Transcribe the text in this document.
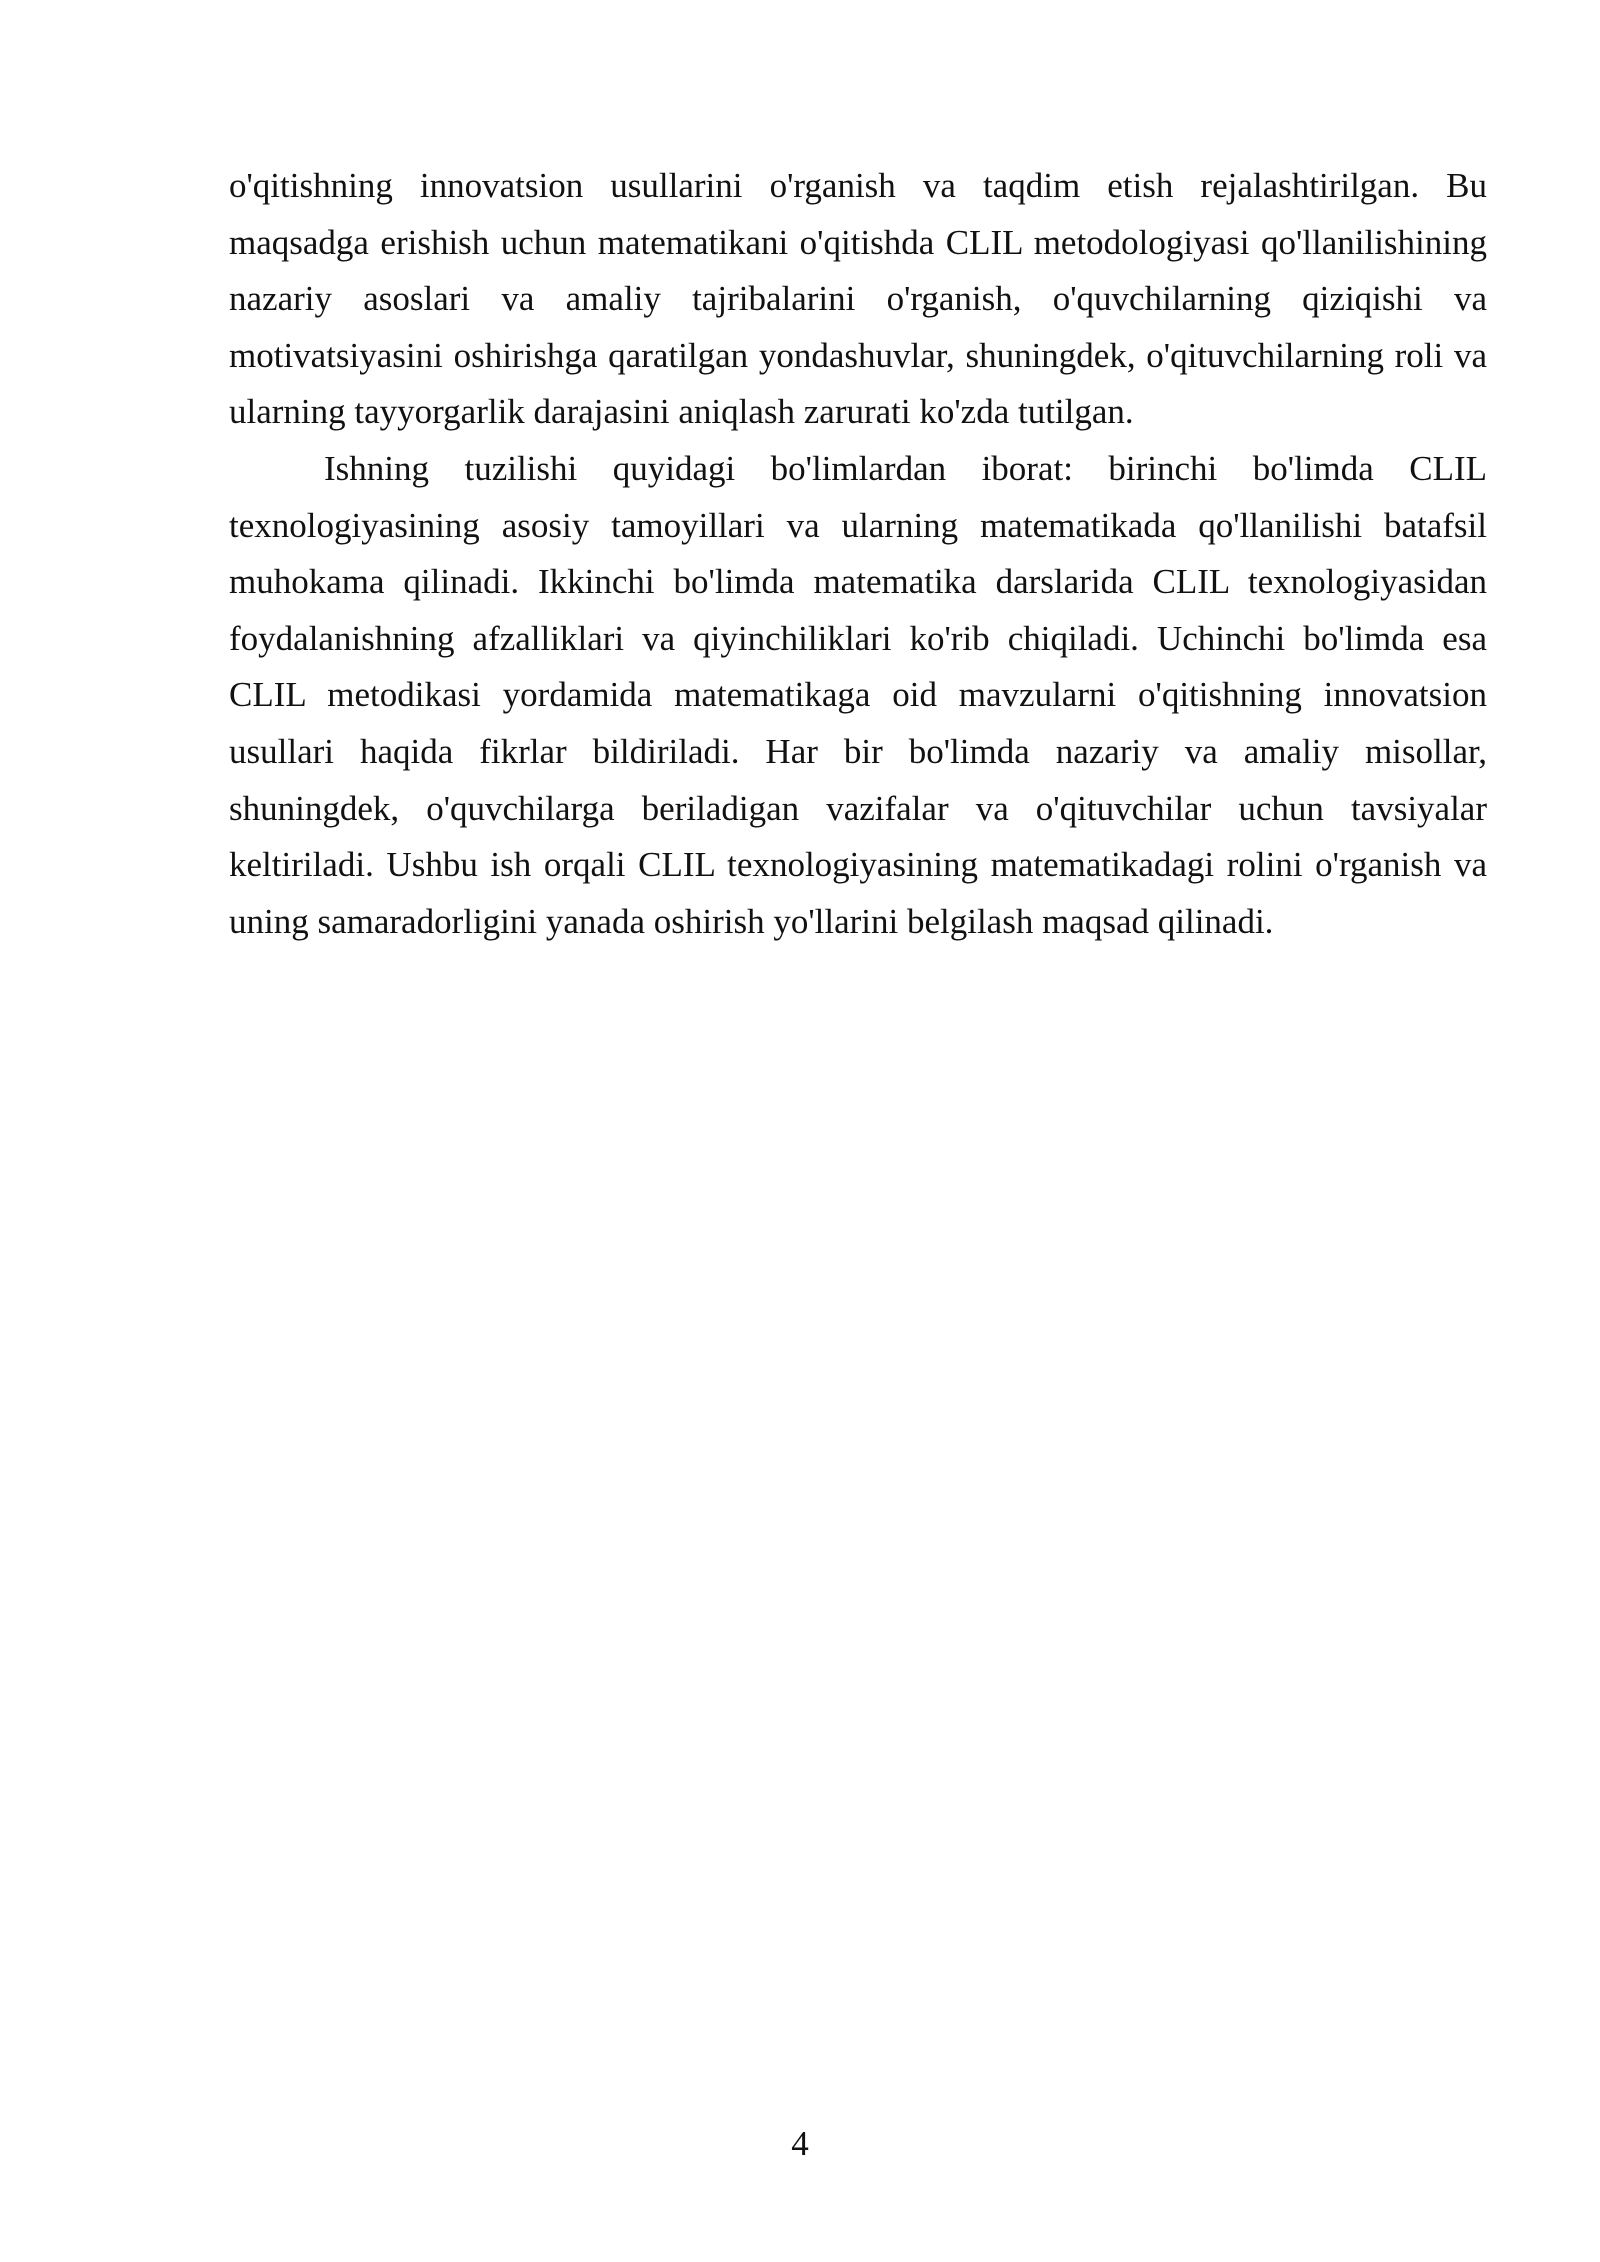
o'qitishning innovatsion usullarini o'rganish va taqdim etish rejalashtirilgan. Bu maqsadga erishish uchun matematikani o'qitishda CLIL metodologiyasi qo'llanilishining nazariy asoslari va amaliy tajribalarini o'rganish, o'quvchilarning qiziqishi va motivatsiyasini oshirishga qaratilgan yondashuvlar, shuningdek, o'qituvchilarning roli va ularning tayyorgarlik darajasini aniqlash zarurati ko'zda tutilgan.

Ishning tuzilishi quyidagi bo'limlardan iborat: birinchi bo'limda CLIL texnologiyasining asosiy tamoyillari va ularning matematikada qo'llanilishi batafsil muhokama qilinadi. Ikkinchi bo'limda matematika darslarida CLIL texnologiyasidan foydalanishning afzalliklari va qiyinchiliklari ko'rib chiqiladi. Uchinchi bo'limda esa CLIL metodikasi yordamida matematikaga oid mavzularni o'qitishning innovatsion usullari haqida fikrlar bildiriladi. Har bir bo'limda nazariy va amaliy misollar, shuningdek, o'quvchilarga beriladigan vazifalar va o'qituvchilar uchun tavsiyalar keltiriladi. Ushbu ish orqali CLIL texnologiyasining matematikadagi rolini o'rganish va uning samaradorligini yanada oshirish yo'llarini belgilash maqsad qilinadi.

4
